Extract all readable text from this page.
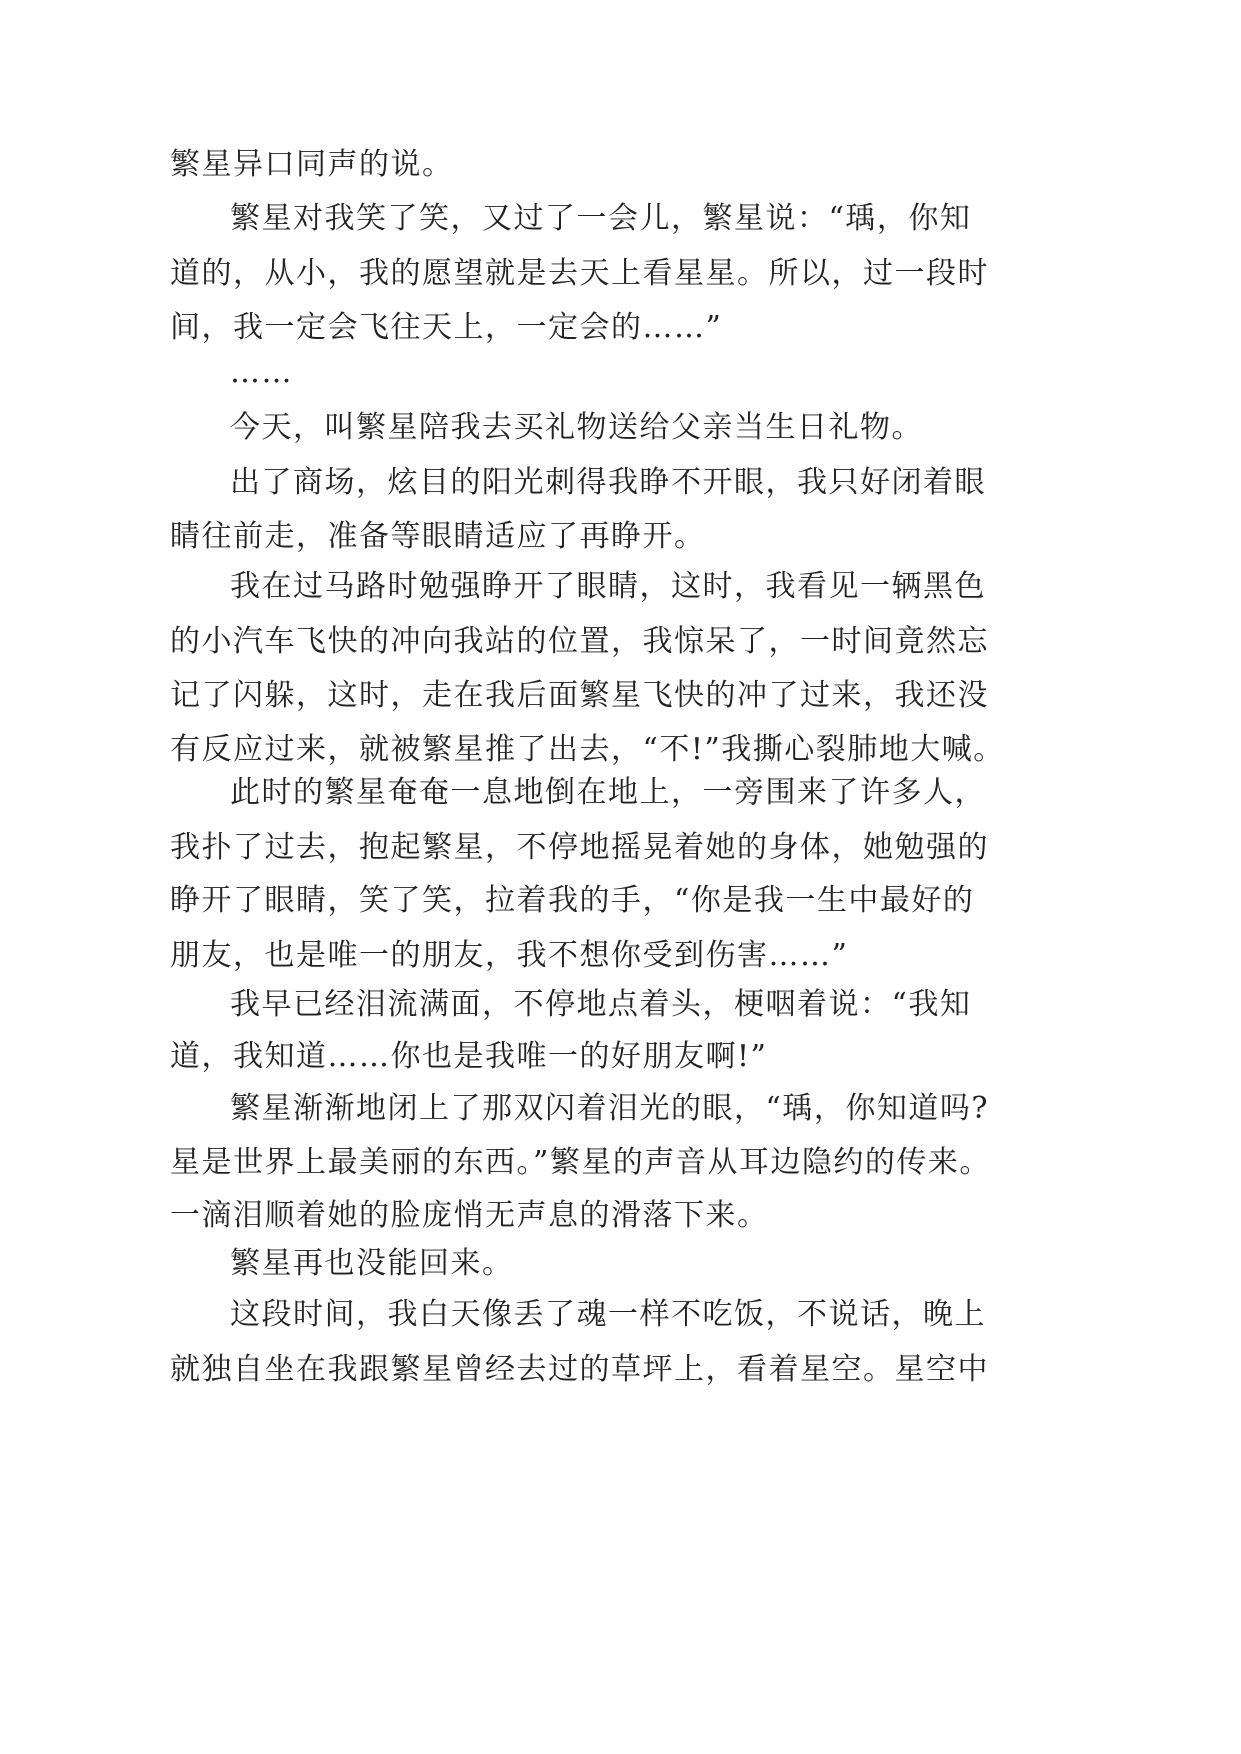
繁星异口同声的说。
繁星对我笑了笑，又过了一会儿，繁星说：“瑀，你知
道的，从小，我的愿望就是去天上看星星。所以，过一段时
间，我一定会飞往天上，一定会的……”
……
今天，叫繁星陪我去买礼物送给父亲当生日礼物。
出了商场，炫目的阳光刺得我睁不开眼，我只好闭着眼
睛往前走，准备等眼睛适应了再睁开。
我在过马路时勉强睁开了眼睛，这时，我看见一辆黑色
的小汽车飞快的冲向我站的位置，我惊呆了，一时间竟然忘
记了闪躲，这时，走在我后面繁星飞快的冲了过来，我还没
有反应过来，就被繁星推了出去，“不!”我撕心裂肺地大喊。
此时的繁星奄奄一息地倒在地上，一旁围来了许多人，
我扑了过去，抱起繁星，不停地摇晃着她的身体，她勉强的
睁开了眼睛，笑了笑，拉着我的手，“你是我一生中最好的
朋友，也是唯一的朋友，我不想你受到伤害……”
我早已经泪流满面，不停地点着头，梗咽着说：“我知
道，我知道……你也是我唯一的好朋友啊!”
繁星渐渐地闭上了那双闪着泪光的眼，“瑀，你知道吗?
星是世界上最美丽的东西。”繁星的声音从耳边隐约的传来。
一滴泪顺着她的脸庞悄无声息的滑落下来。
繁星再也没能回来。
这段时间，我白天像丢了魂一样不吃饭，不说话，晚上
就独自坐在我跟繁星曾经去过的草坪上，看着星空。星空中
